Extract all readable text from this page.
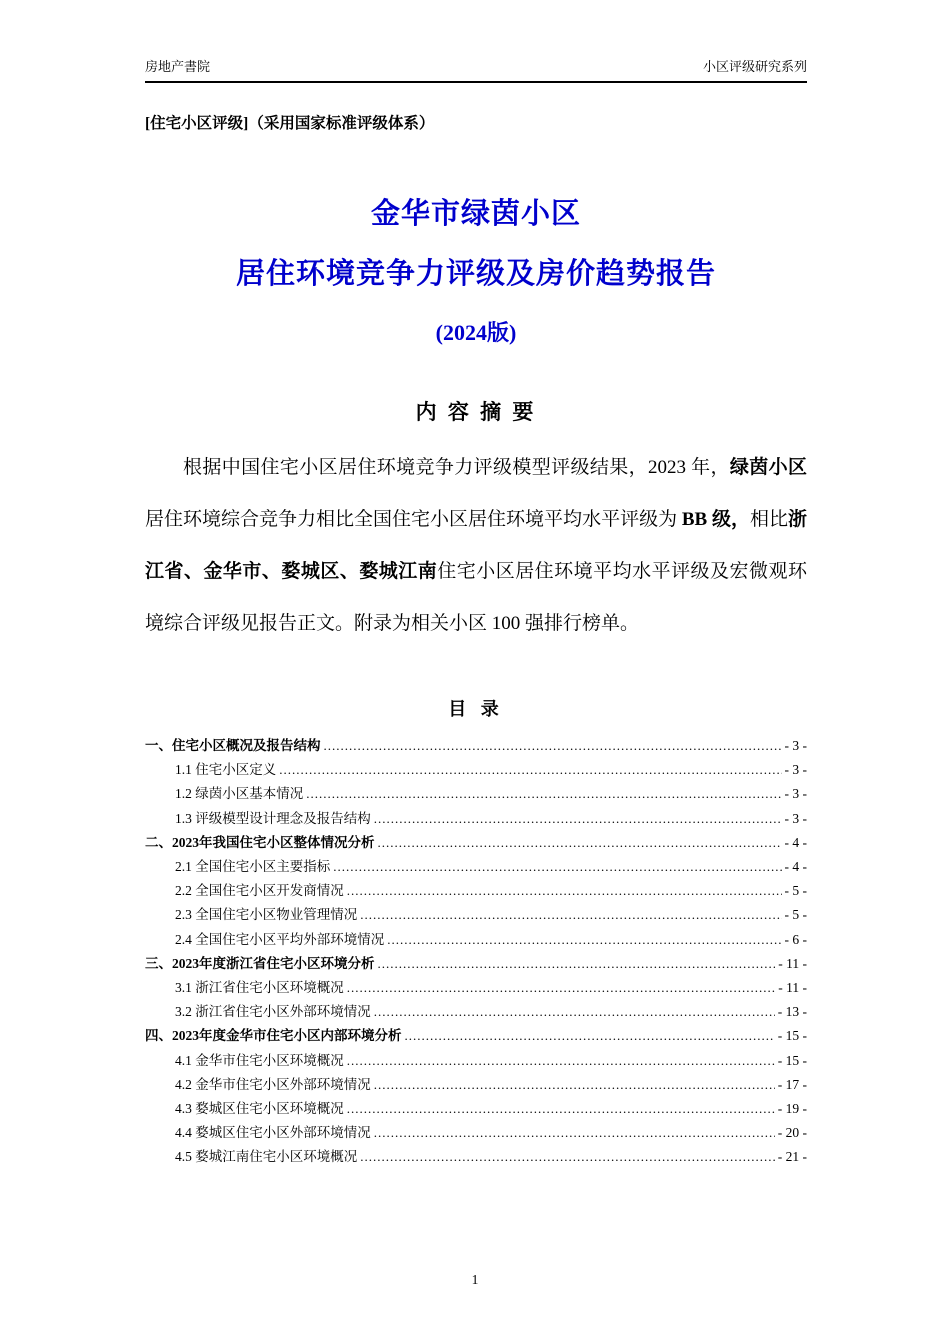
房地产書院	小区评级研究系列
[住宅小区评级]（采用国家标准评级体系）
金华市绿茵小区
居住环境竞争力评级及房价趋势报告
(2024版)
内 容 摘 要

根据中国住宅小区居住环境竞争力评级模型评级结果，2023 年，绿茵小区居住环境综合竞争力相比全国住宅小区居住环境平均水平评级为 BB 级，相比浙江省、金华市、婺城区、婺城江南住宅小区居住环境平均水平评级及宏微观环境综合评级见报告正文。附录为相关小区 100 强排行榜单。

目 录
一、住宅小区概况及报告结构 .....	- 3 -
1.1 住宅小区定义 .....	- 3 -
1.2 绿茵小区基本情况 .....	- 3 -
1.3 评级模型设计理念及报告结构 .....	- 3 -
二、2023年我国住宅小区整体情况分析 .....	- 4 -
2.1 全国住宅小区主要指标 .....	- 4 -
2.2 全国住宅小区开发商情况 .....	- 5 -
2.3 全国住宅小区物业管理情况 .....	- 5 -
2.4 全国住宅小区平均外部环境情况 .....	- 6 -
三、2023年度浙江省住宅小区环境分析 .....	- 11 -
3.1 浙江省住宅小区环境概况 .....	- 11 -
3.2 浙江省住宅小区外部环境情况 .....	- 13 -
四、2023年度金华市住宅小区内部环境分析 .....	- 15 -
4.1 金华市住宅小区环境概况 .....	- 15 -
4.2 金华市住宅小区外部环境情况 .....	- 17 -
4.3 婺城区住宅小区环境概况 .....	- 19 -
4.4 婺城区住宅小区外部环境情况 .....	- 20 -
4.5 婺城江南住宅小区环境概况 .....	- 21 -
1
